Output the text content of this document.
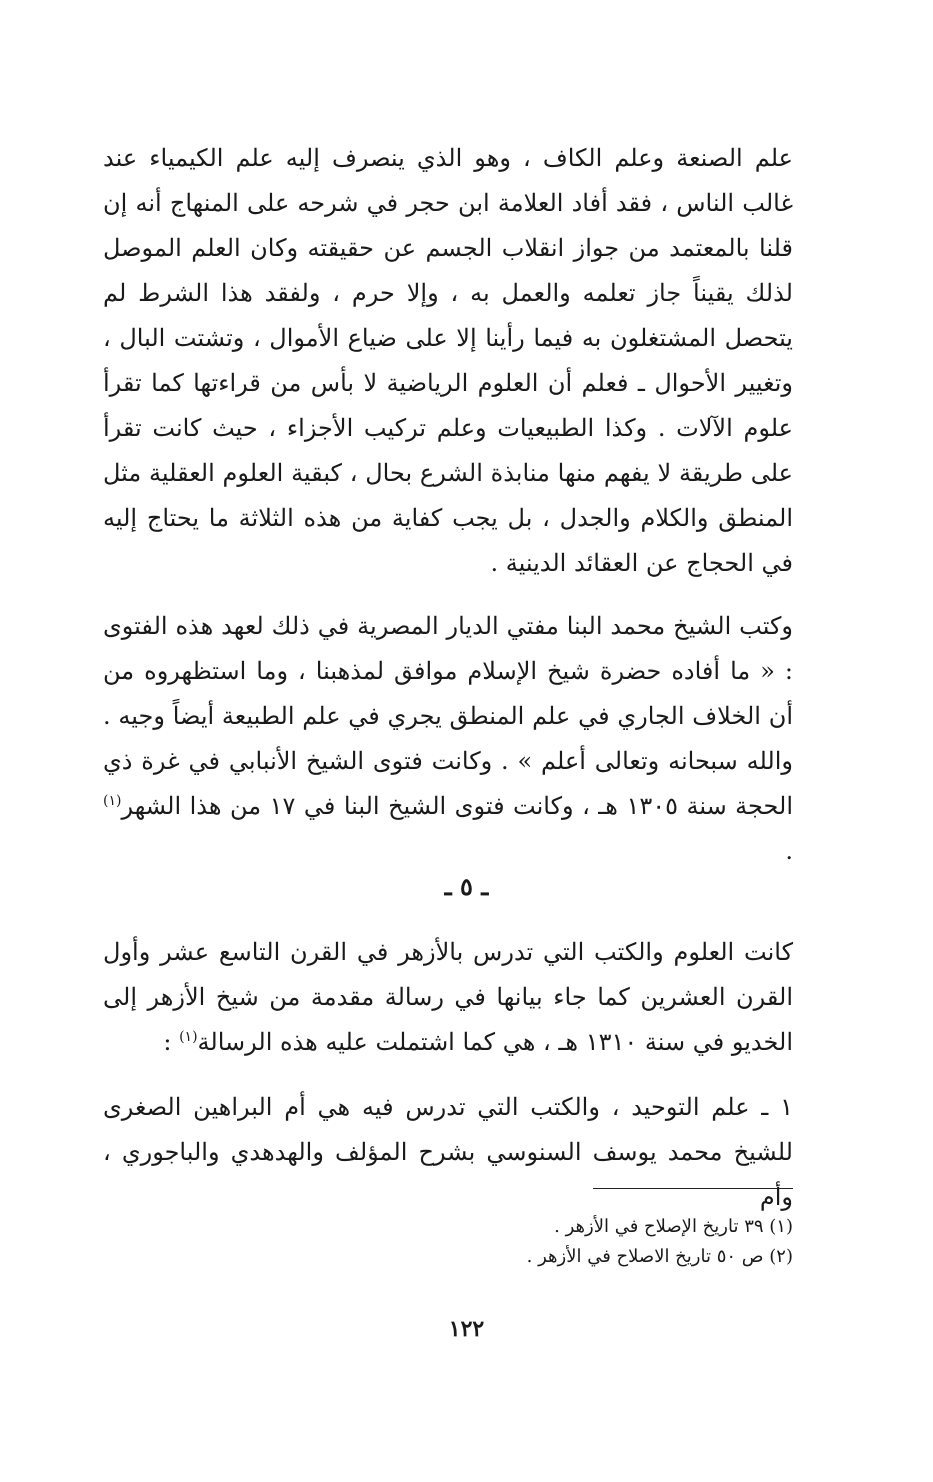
علم الصنعة وعلم الكاف ، وهو الذي ينصرف إليه علم الكيمياء عند غالب الناس ، فقد أفاد العلامة ابن حجر في شرحه على المنهاج أنه إن قلنا بالمعتمد من جواز انقلاب الجسم عن حقيقته وكان العلم الموصل لذلك يقيناً جاز تعلمه والعمل به ، وإلا حرم ، ولفقد هذا الشرط لم يتحصل المشتغلون به فيما رأينا إلا على ضياع الأموال ، وتشتت البال ، وتغيير الأحوال ـ فعلم أن العلوم الرياضية لا بأس من قراءتها كما تقرأ علوم الآلات . وكذا الطبيعيات وعلم تركيب الأجزاء ، حيث كانت تقرأ على طريقة لا يفهم منها منابذة الشرع بحال ، كبقية العلوم العقلية مثل المنطق والكلام والجدل ، بل يجب كفاية من هذه الثلاثة ما يحتاج إليه في الحجاج عن العقائد الدينية .

وكتب الشيخ محمد البنا مفتي الديار المصرية في ذلك لعهد هذه الفتوى : « ما أفاده حضرة شيخ الإسلام موافق لمذهبنا ، وما استظهروه من أن الخلاف الجاري في علم المنطق يجري في علم الطبيعة أيضاً وجيه . والله سبحانه وتعالى أعلم » . وكانت فتوى الشيخ الأنبابي في غرة ذي الحجة سنة ١٣٠٥ هـ ، وكانت فتوى الشيخ البنا في ١٧ من هذا الشهر$^{(١)}$ .

ـ ٥ ـ

كانت العلوم والكتب التي تدرس بالأزهر في القرن التاسع عشر وأول القرن العشرين كما جاء بيانها في رسالة مقدمة من شيخ الأزهر إلى الخديو في سنة ١٣١٠ هـ ، هي كما اشتملت عليه هذه الرسالة$^{(١)}$ :

١ ـ علم التوحيد ، والكتب التي تدرس فيه هي أم البراهين الصغرى للشيخ محمد يوسف السنوسي بشرح المؤلف والهدهدي والباجوري ، وأم

(١) ٣٩ تاريخ الإصلاح في الأزهر .
(٢) ص ٥٠ تاريخ الاصلاح في الأزهر .
١٢٢
